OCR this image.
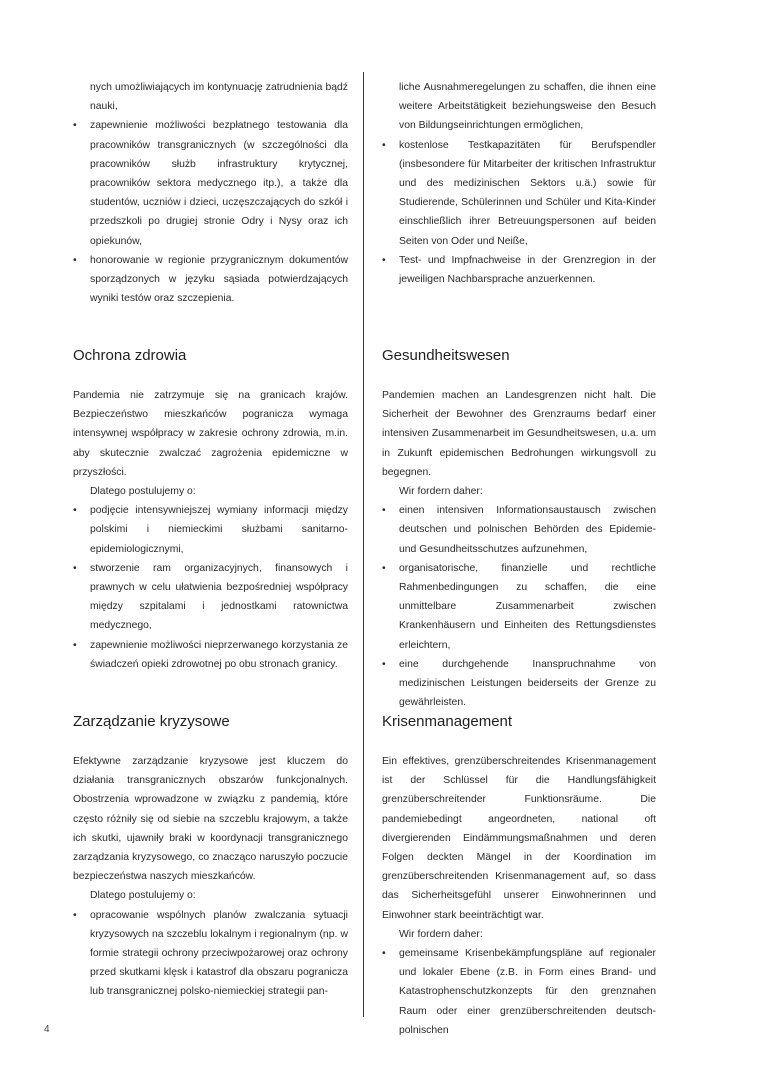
nych umożliwiających im kontynuację zatrudnienia bądź nauki,
• zapewnienie możliwości bezpłatnego testowania dla pracowników transgranicznych (w szczególności dla pracowników służb infrastruktury krytycznej, pracowników sektora medycznego itp.), a także dla studentów, uczniów i dzieci, uczęszczających do szkół i przedszkoli po drugiej stronie Odry i Nysy oraz ich opiekunów,
• honorowanie w regionie przygranicznym dokumentów sporządzonych w języku sąsiada potwierdzających wyniki testów oraz szczepienia.
liche Ausnahmeregelungen zu schaffen, die ihnen eine weitere Arbeitstätigkeit beziehungsweise den Besuch von Bildungseinrichtungen ermöglichen,
• kostenlose Testkapazitäten für Berufspendler (insbesondere für Mitarbeiter der kritischen Infrastruktur und des medizinischen Sektors u.ä.) sowie für Studierende, Schülerinnen und Schüler und Kita-Kinder einschließlich ihrer Betreuungspersonen auf beiden Seiten von Oder und Neiße,
• Test- und Impfnachweise in der Grenzregion in der jeweiligen Nachbarsprache anzuerkennen.
Ochrona zdrowia
Pandemia nie zatrzymuje się na granicach krajów. Bezpieczeństwo mieszkańców pogranicza wymaga intensywnej współpracy w zakresie ochrony zdrowia, m.in. aby skutecznie zwalczać zagrożenia epidemiczne w przyszłości.
Dlatego postulujemy o:
• podjęcie intensywniejszej wymiany informacji między polskimi i niemieckimi służbami sanitarno-epidemiologicznymi,
• stworzenie ram organizacyjnych, finansowych i prawnych w celu ułatwienia bezpośredniej współpracy między szpitalami i jednostkami ratownictwa medycznego,
• zapewnienie możliwości nieprzerwanego korzystania ze świadczeń opieki zdrowotnej po obu stronach granicy.
Gesundheitswesen
Pandemien machen an Landesgrenzen nicht halt. Die Sicherheit der Bewohner des Grenzraums bedarf einer intensiven Zusammenarbeit im Gesundheitswesen, u.a. um in Zukunft epidemischen Bedrohungen wirkungsvoll zu begegnen.
Wir fordern daher:
• einen intensiven Informationsaustausch zwischen deutschen und polnischen Behörden des Epidemie- und Gesundheitsschutzes aufzunehmen,
• organisatorische, finanzielle und rechtliche Rahmenbedingungen zu schaffen, die eine unmittelbare Zusammenarbeit zwischen Krankenhäusern und Einheiten des Rettungsdienstes erleichtern,
• eine durchgehende Inanspruchnahme von medizinischen Leistungen beiderseits der Grenze zu gewährleisten.
Zarządzanie kryzysowe
Efektywne zarządzanie kryzysowe jest kluczem do działania transgranicznych obszarów funkcjonalnych. Obostrzenia wprowadzone w związku z pandemią, które często różniły się od siebie na szczeblu krajowym, a także ich skutki, ujawniły braki w koordynacji transgranicznego zarządzania kryzysowego, co znacząco naruszyło poczucie bezpieczeństwa naszych mieszkańców.
Dlatego postulujemy o:
• opracowanie wspólnych planów zwalczania sytuacji kryzysowych na szczeblu lokalnym i regionalnym (np. w formie strategii ochrony przeciwpożarowej oraz ochrony przed skutkami klęsk i katastrof dla obszaru pogranicza lub transgranicznej polsko-niemieckiej strategii pan-
Krisenmanagement
Ein effektives, grenzüberschreitendes Krisenmanagement ist der Schlüssel für die Handlungsfähigkeit grenzüberschreitender Funktionsräume. Die pandemiebedingt angeordneten, national oft divergierenden Eindämmungsmaßnahmen und deren Folgen deckten Mängel in der Koordination im grenzüberschreitenden Krisenmanagement auf, so dass das Sicherheitsgefühl unserer Einwohnerinnen und Einwohner stark beeinträchtigt war.
Wir fordern daher:
• gemeinsame Krisenbekämpfungspläne auf regionaler und lokaler Ebene (z.B. in Form eines Brand- und Katastrophenschutzkonzepts für den grenznahen Raum oder einer grenzüberschreitenden deutsch-polnischen
4
